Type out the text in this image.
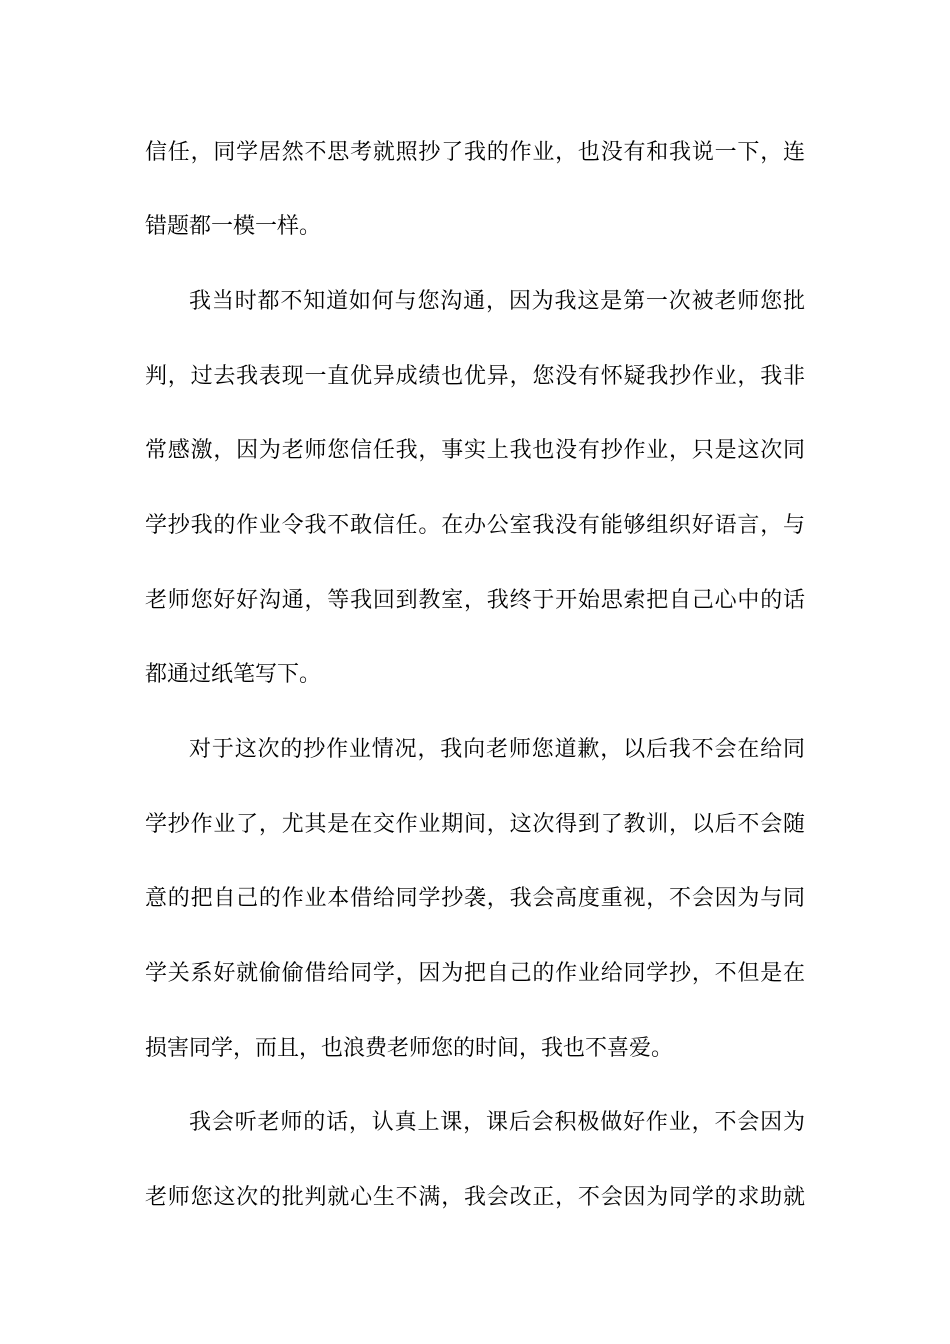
信任，同学居然不思考就照抄了我的作业，也没有和我说一下，连
错题都一模一样。
我当时都不知道如何与您沟通，因为我这是第一次被老师您批
判，过去我表现一直优异成绩也优异，您没有怀疑我抄作业，我非
常感激，因为老师您信任我，事实上我也没有抄作业，只是这次同
学抄我的作业令我不敢信任。在办公室我没有能够组织好语言，与
老师您好好沟通，等我回到教室，我终于开始思索把自己心中的话
都通过纸笔写下。
对于这次的抄作业情况，我向老师您道歉，以后我不会在给同
学抄作业了，尤其是在交作业期间，这次得到了教训，以后不会随
意的把自己的作业本借给同学抄袭，我会高度重视，不会因为与同
学关系好就偷偷借给同学，因为把自己的作业给同学抄，不但是在
损害同学，而且，也浪费老师您的时间，我也不喜爱。
我会听老师的话，认真上课，课后会积极做好作业，不会因为
老师您这次的批判就心生不满，我会改正，不会因为同学的求助就
